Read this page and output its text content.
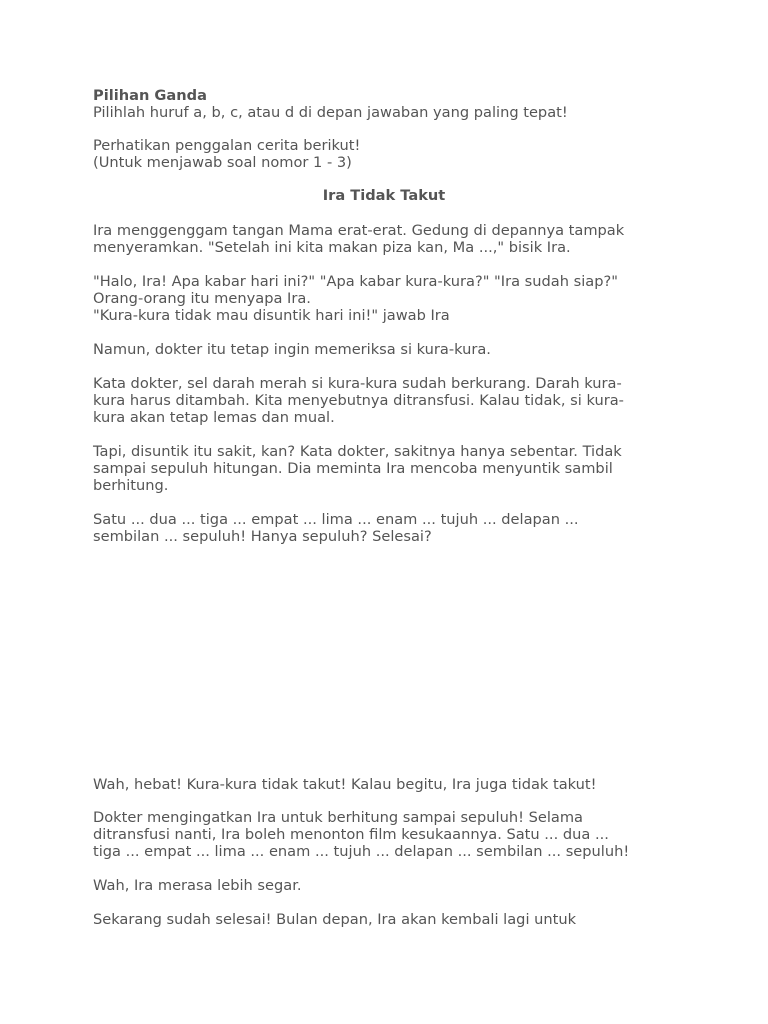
Pilihan Ganda
Pilihlah huruf a, b, c, atau d di depan jawaban yang paling tepat!
Perhatikan penggalan cerita berikut!
(Untuk menjawab soal nomor 1 - 3)
Ira Tidak Takut
Ira menggenggam tangan Mama erat-erat. Gedung di depannya tampak
menyeramkan. "Setelah ini kita makan piza kan, Ma ...," bisik Ira.
"Halo, Ira! Apa kabar hari ini?" "Apa kabar kura-kura?" "Ira sudah siap?"
Orang-orang itu menyapa Ira.
"Kura-kura tidak mau disuntik hari ini!" jawab Ira
Namun, dokter itu tetap ingin memeriksa si kura-kura.
Kata dokter, sel darah merah si kura-kura sudah berkurang. Darah kura-
kura harus ditambah. Kita menyebutnya ditransfusi. Kalau tidak, si kura-
kura akan tetap lemas dan mual.
Tapi, disuntik itu sakit, kan? Kata dokter, sakitnya hanya sebentar. Tidak
sampai sepuluh hitungan. Dia meminta Ira mencoba menyuntik sambil
berhitung.
Satu ... dua ... tiga ... empat ... lima ... enam ... tujuh ... delapan ...
sembilan ... sepuluh! Hanya sepuluh? Selesai?
Wah, hebat! Kura-kura tidak takut! Kalau begitu, Ira juga tidak takut!
Dokter mengingatkan Ira untuk berhitung sampai sepuluh! Selama
ditransfusi nanti, Ira boleh menonton film kesukaannya. Satu ... dua ...
tiga ... empat ... lima ... enam ... tujuh ... delapan ... sembilan ... sepuluh!
Wah, Ira merasa lebih segar.
Sekarang sudah selesai! Bulan depan, Ira akan kembali lagi untuk
